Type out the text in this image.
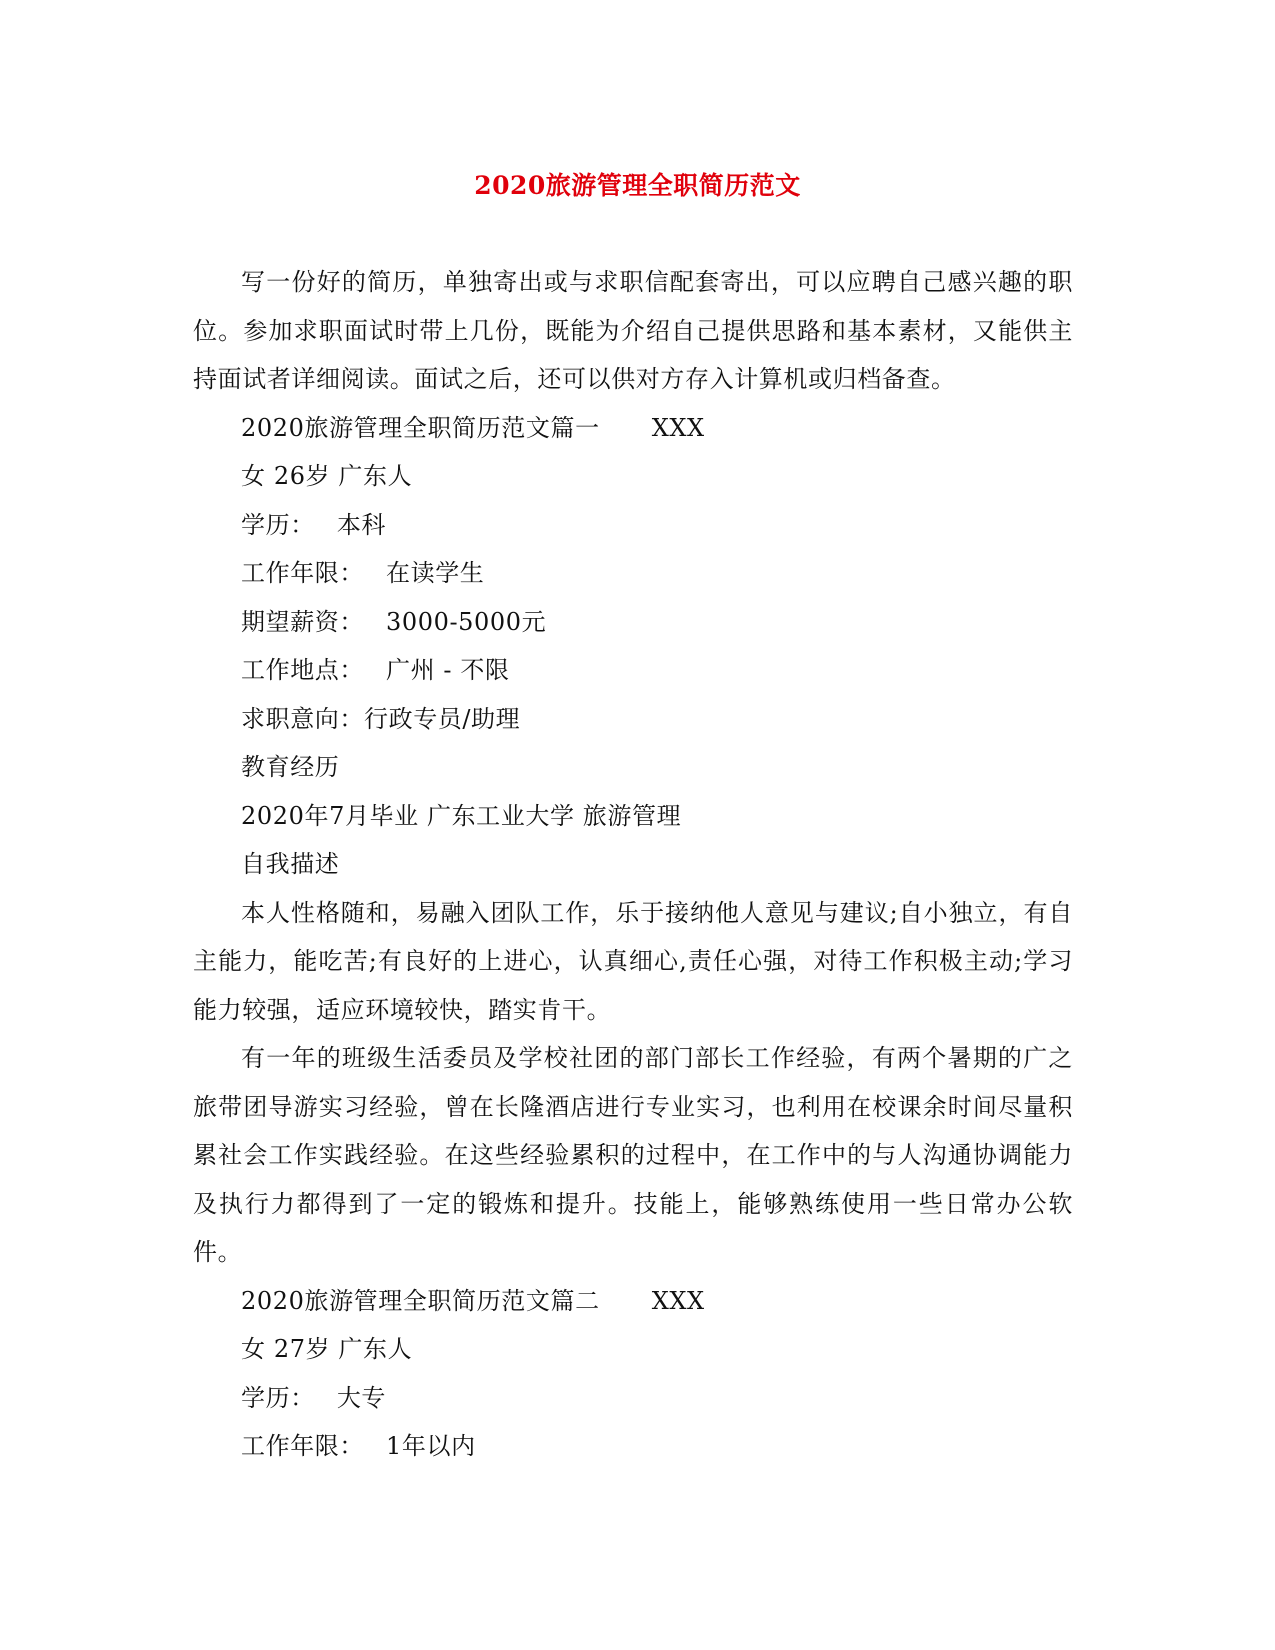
2020旅游管理全职简历范文

写一份好的简历，单独寄出或与求职信配套寄出，可以应聘自己感兴趣的职位。参加求职面试时带上几份，既能为介绍自己提供思路和基本素材，又能供主持面试者详细阅读。面试之后，还可以供对方存入计算机或归档备查。

2020旅游管理全职简历范文篇一 XXX

女 26岁 广东人

学历： 本科

工作年限： 在读学生

期望薪资： 3000-5000元

工作地点： 广州 - 不限

求职意向：行政专员/助理

教育经历

2020年7月毕业 广东工业大学 旅游管理

自我描述

本人性格随和，易融入团队工作，乐于接纳他人意见与建议;自小独立，有自主能力，能吃苦;有良好的上进心，认真细心,责任心强，对待工作积极主动;学习能力较强，适应环境较快，踏实肯干。

有一年的班级生活委员及学校社团的部门部长工作经验，有两个暑期的广之旅带团导游实习经验，曾在长隆酒店进行专业实习，也利用在校课余时间尽量积累社会工作实践经验。在这些经验累积的过程中，在工作中的与人沟通协调能力及执行力都得到了一定的锻炼和提升。技能上，能够熟练使用一些日常办公软件。

2020旅游管理全职简历范文篇二 XXX

女 27岁 广东人

学历： 大专

工作年限： 1年以内
